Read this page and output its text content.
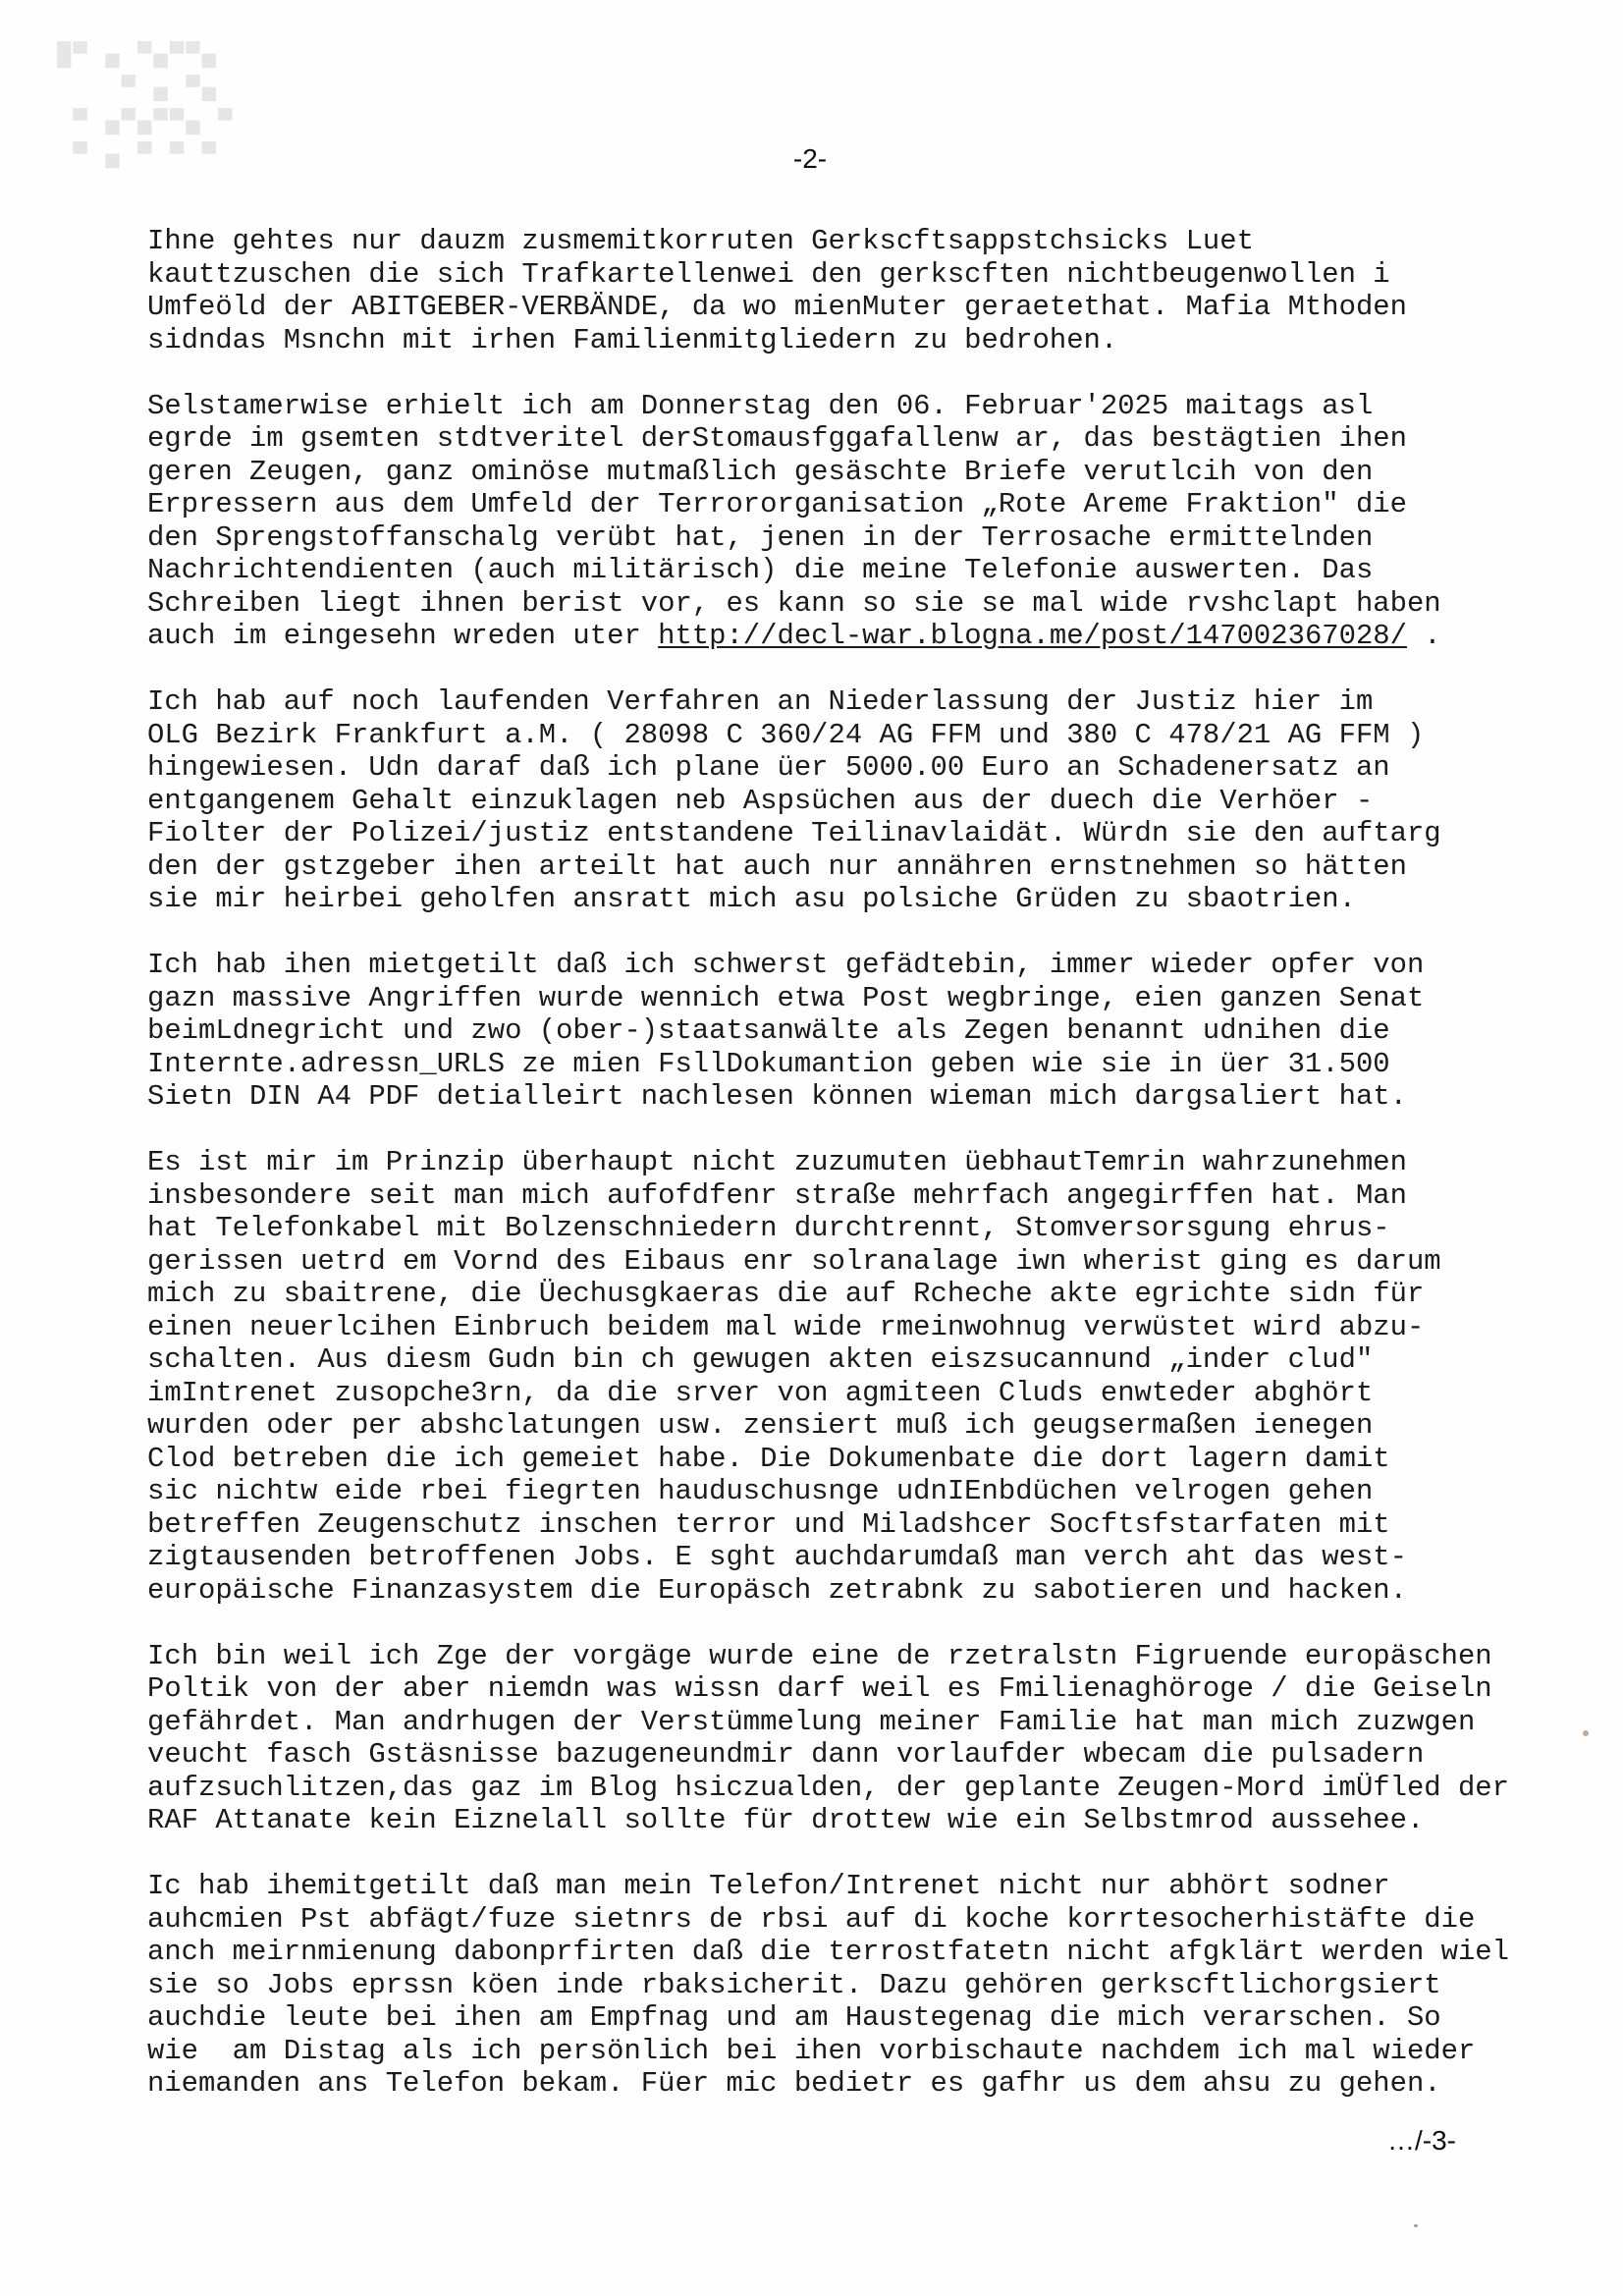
█▀ ▄ ▀▄▀▀▄
▀ ▄ ▀▄
▀ ▄▀▄▀▀▄ ▀
▀ ▄ ▀ ▀ ▀	-2-
Ihne gehtes nur dauzm zusmemitkorruten Gerkscftsappstchsicks Luet
kauttzuschen die sich Trafkartellenwei den gerkscften nichtbeugenwollen i
Umfeöld der ABITGEBER-VERBÄNDE, da wo mienMuter geraetethat. Mafia Mthoden
sidndas Msnchn mit irhen Familienmitgliedern zu bedrohen.
Selstamerwise erhielt ich am Donnerstag den 06. Februar'2025 maitags asl
egrde im gsemten stdtveritel derStomausfggafallenw ar, das bestägtien ihen
geren Zeugen, ganz ominöse mutmaßlich gesäschte Briefe verutlcih von den
Erpressern aus dem Umfeld der Terrororganisation „Rote Areme Fraktion" die
den Sprengstoffanschalg verübt hat, jenen in der Terrosache ermittelnden
Nachrichtendienten (auch militärisch) die meine Telefonie auswerten. Das
Schreiben liegt ihnen berist vor, es kann so sie se mal wide rvshclapt haben
auch im eingesehn wreden uter http://decl-war.blogna.me/post/147002367028/ .
Ich hab auf noch laufenden Verfahren an Niederlassung der Justiz hier im
OLG Bezirk Frankfurt a.M. ( 28098 C 360/24 AG FFM und 380 C 478/21 AG FFM )
hingewiesen. Udn daraf daß ich plane üer 5000.00 Euro an Schadenersatz an
entgangenem Gehalt einzuklagen neb Aspsüchen aus der duech die Verhöer -
Fiolter der Polizei/justiz entstandene Teilinavlaidät. Würdn sie den auftarg
den der gstzgeber ihen arteilt hat auch nur annähren ernstnehmen so hätten
sie mir heirbei geholfen ansratt mich asu polsiche Grüden zu sbaotrien.
Ich hab ihen mietgetilt daß ich schwerst gefädtebin, immer wieder opfer von
gazn massive Angriffen wurde wennich etwa Post wegbringe, eien ganzen Senat
beimLdnegricht und zwo (ober-)staatsanwälte als Zegen benannt udnihen die
Internte.adressn_URLS ze mien FsllDokumantion geben wie sie in üer 31.500
Sietn DIN A4 PDF detialleirt nachlesen können wieman mich dargsaliert hat.
Es ist mir im Prinzip überhaupt nicht zuzumuten üebhautTemrin wahrzunehmen
insbesondere seit man mich aufofdfenr straße mehrfach angegirffen hat. Man
hat Telefonkabel mit Bolzenschniedern durchtrennt, Stomversorsgung ehrus-
gerissen uetrd em Vornd des Eibaus enr solranalage iwn wherist ging es darum
mich zu sbaitrene, die Üechusgkaeras die auf Rcheche akte egrichte sidn für
einen neuerlcihen Einbruch beidem mal wide rmeinwohnug verwüstet wird abzu-
schalten. Aus diesm Gudn bin ch gewugen akten eiszsucannund „inder clud"
imIntrenet zusopche3rn, da die srver von agmiteen Cluds enwteder abghört
wurden oder per abshclatungen usw. zensiert muß ich geugsermaßen ienegen
Clod betreben die ich gemeiet habe. Die Dokumenbate die dort lagern damit
sic nichtw eide rbei fiegrten hauduschusnge udnIEnbdüchen velrogen gehen
betreffen Zeugenschutz inschen terror und Miladshcer Socftsfstarfaten mit
zigtausenden betroffenen Jobs. E sght auchdarumdaß man verch aht das west-
europäische Finanzasystem die Europäsch zetrabnk zu sabotieren und hacken.
Ich bin weil ich Zge der vorgäge wurde eine de rzetralstn Figruende europäschen
Poltik von der aber niemdn was wissn darf weil es Fmilienaghöroge / die Geiseln
gefährdet. Man andrhugen der Verstümmelung meiner Familie hat man mich zuzwgen
veucht fasch Gstäsnisse bazugeneundmir dann vorlaufder wbecam die pulsadern
aufzsuchlitzen,das gaz im Blog hsiczualden, der geplante Zeugen-Mord imÜfled der
RAF Attanate kein Eiznelall sollte für drottew wie ein Selbstmrod aussehee.
Ic hab ihemitgetilt daß man mein Telefon/Intrenet nicht nur abhört sodner
auhcmien Pst abfägt/fuze sietnrs de rbsi auf di koche korrtesocherhistäfte die
anch meirnmienung dabonprfirten daß die terrostfatetn nicht afgklärt werden wiel
sie so Jobs eprssn köen inde rbaksicherit. Dazu gehören gerkscftlichorgsiert
auchdie leute bei ihen am Empfnag und am Haustegenag die mich verarschen. So
wie  am Distag als ich persönlich bei ihen vorbischaute nachdem ich mal wieder
niemanden ans Telefon bekam. Füer mic bedietr es gafhr us dem ahsu zu gehen.
…/-3-
